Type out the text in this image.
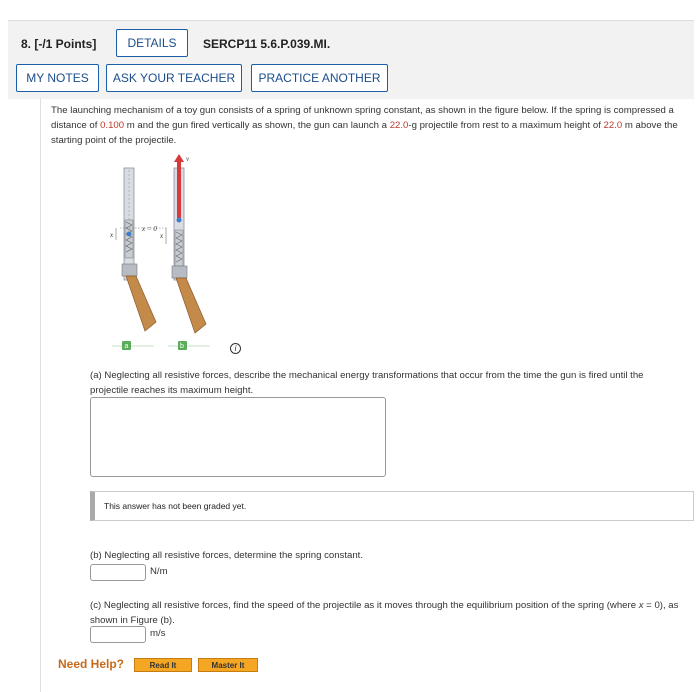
8. [-/1 Points]	DETAILS	SERCP11 5.6.P.039.MI.
MY NOTES	ASK YOUR TEACHER	PRACTICE ANOTHER
The launching mechanism of a toy gun consists of a spring of unknown spring constant, as shown in the figure below. If the spring is compressed a distance of 0.100 m and the gun fired vertically as shown, the gun can launch a 22.0-g projectile from rest to a maximum height of 22.0 m above the starting point of the projectile.
x = 0
x	x
v
a	b	i
(a) Neglecting all resistive forces, describe the mechanical energy transformations that occur from the time the gun is fired until the projectile reaches its maximum height.
This answer has not been graded yet.
(b) Neglecting all resistive forces, determine the spring constant.
N/m
(c) Neglecting all resistive forces, find the speed of the projectile as it moves through the equilibrium position of the spring (where x = 0), as shown in Figure (b).
m/s
Need Help?	Read It	Master It
